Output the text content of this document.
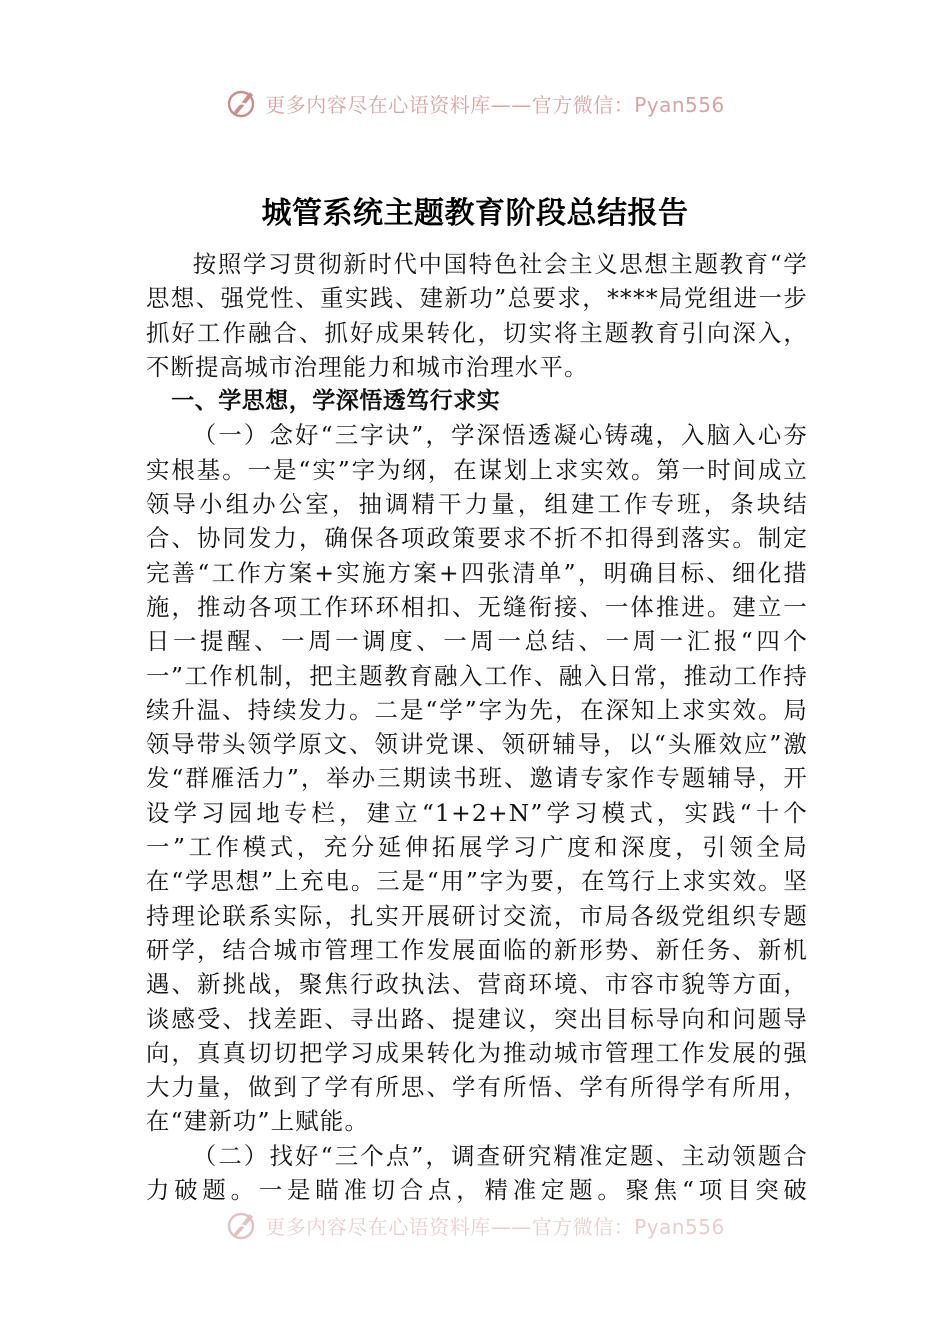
更多内容尽在心语资料库——官方微信：Pyan556
城管系统主题教育阶段总结报告

按照学习贯彻新时代中国特色社会主义思想主题教育“学思想、强党性、重实践、建新功”总要求，****局党组进一步抓好工作融合、抓好成果转化，切实将主题教育引向深入，不断提高城市治理能力和城市治理水平。

一、学思想，学深悟透笃行求实

（一）念好“三字诀”，学深悟透凝心铸魂，入脑入心夯实根基。一是“实”字为纲，在谋划上求实效。第一时间成立领导小组办公室，抽调精干力量，组建工作专班，条块结合、协同发力，确保各项政策要求不折不扣得到落实。制定完善“工作方案+实施方案+四张清单”，明确目标、细化措施，推动各项工作环环相扣、无缝衔接、一体推进。建立一日一提醒、一周一调度、一周一总结、一周一汇报“四个一”工作机制，把主题教育融入工作、融入日常，推动工作持续升温、持续发力。二是“学”字为先，在深知上求实效。局领导带头领学原文、领讲党课、领研辅导，以“头雁效应”激发“群雁活力”，举办三期读书班、邀请专家作专题辅导，开设学习园地专栏，建立“1+2+N”学习模式，实践“十个一”工作模式，充分延伸拓展学习广度和深度，引领全局在“学思想”上充电。三是“用”字为要，在笃行上求实效。坚持理论联系实际，扎实开展研讨交流，市局各级党组织专题研学，结合城市管理工作发展面临的新形势、新任务、新机遇、新挑战，聚焦行政执法、营商环境、市容市貌等方面，谈感受、找差距、寻出路、提建议，突出目标导向和问题导向，真真切切把学习成果转化为推动城市管理工作发展的强大力量，做到了学有所思、学有所悟、学有所得学有所用，在“建新功”上赋能。

（二）找好“三个点”，调查研究精准定题、主动领题合力破题。一是瞄准切合点，精准定题。聚焦“项目突破

更多内容尽在心语资料库——官方微信：Pyan556
